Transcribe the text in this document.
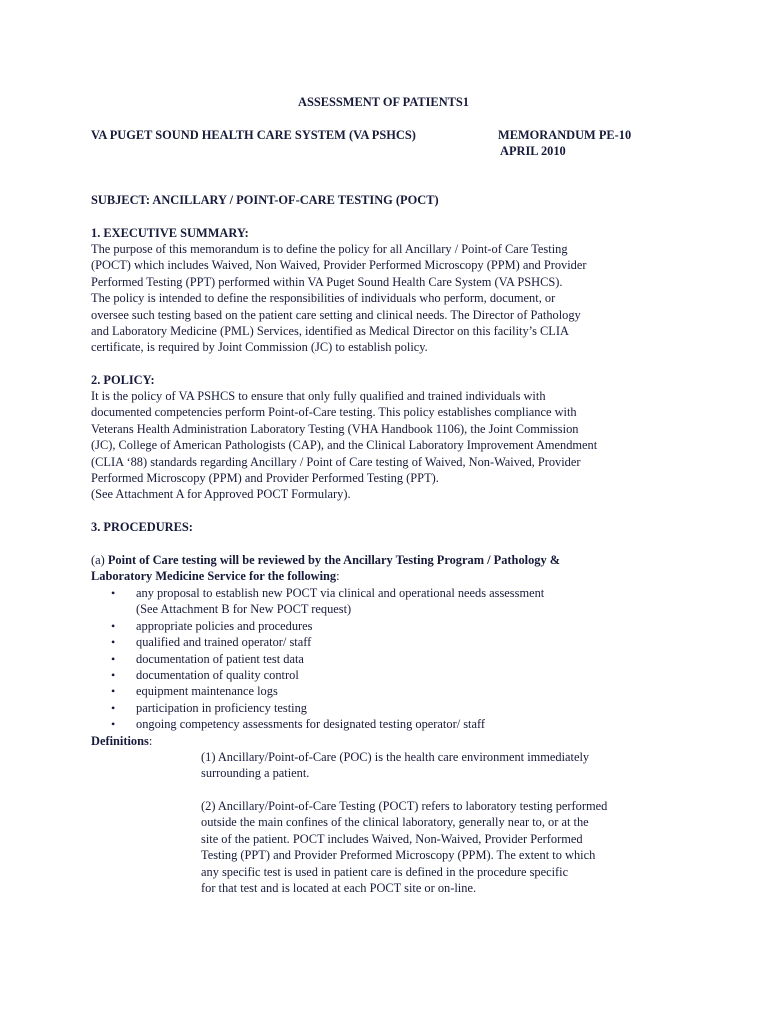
ASSESSMENT OF PATIENTS1
VA PUGET SOUND HEALTH CARE SYSTEM (VA PSHCS)	MEMORANDUM PE-10
APRIL 2010
SUBJECT: ANCILLARY / POINT-OF-CARE TESTING (POCT)
1. EXECUTIVE SUMMARY:
The purpose of this memorandum is to define the policy for all Ancillary / Point-of Care Testing
(POCT) which includes Waived, Non Waived, Provider Performed Microscopy (PPM) and Provider
Performed Testing (PPT) performed within VA Puget Sound Health Care System (VA PSHCS).
The policy is intended to define the responsibilities of individuals who perform, document, or
oversee such testing based on the patient care setting and clinical needs. The Director of Pathology
and Laboratory Medicine (PML) Services, identified as Medical Director on this facility’s CLIA
certificate, is required by Joint Commission (JC) to establish policy.
2. POLICY:
It is the policy of VA PSHCS to ensure that only fully qualified and trained individuals with
documented competencies perform Point-of-Care testing. This policy establishes compliance with
Veterans Health Administration Laboratory Testing (VHA Handbook 1106), the Joint Commission
(JC), College of American Pathologists (CAP), and the Clinical Laboratory Improvement Amendment
(CLIA ‘88) standards regarding Ancillary / Point of Care testing of Waived, Non-Waived, Provider
Performed Microscopy (PPM) and Provider Performed Testing (PPT).
(See Attachment A for Approved POCT Formulary).
3. PROCEDURES:
(a) Point of Care testing will be reviewed by the Ancillary Testing Program / Pathology &
Laboratory Medicine Service for the following:
• any proposal to establish new POCT via clinical and operational needs assessment
(See Attachment B for New POCT request)
• appropriate policies and procedures
• qualified and trained operator/ staff
• documentation of patient test data
• documentation of quality control
• equipment maintenance logs
• participation in proficiency testing
• ongoing competency assessments for designated testing operator/ staff
Definitions:
(1) Ancillary/Point-of-Care (POC) is the health care environment immediately
surrounding a patient.
(2) Ancillary/Point-of-Care Testing (POCT) refers to laboratory testing performed
outside the main confines of the clinical laboratory, generally near to, or at the
site of the patient. POCT includes Waived, Non-Waived, Provider Performed
Testing (PPT) and Provider Preformed Microscopy (PPM). The extent to which
any specific test is used in patient care is defined in the procedure specific
for that test and is located at each POCT site or on-line.
